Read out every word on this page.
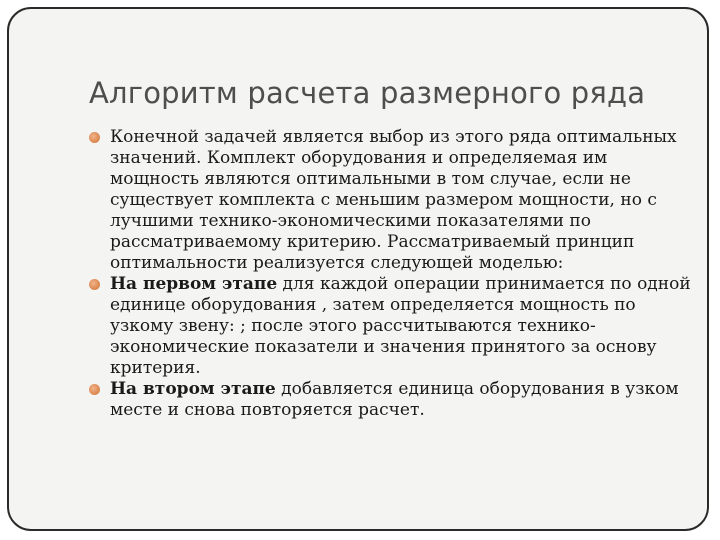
Алгоритм расчета размерного ряда
Конечной задачей является выбор из этого ряда оптимальных значений. Комплект оборудования и определяемая им мощность являются оптимальными в том случае, если не существует комплекта с меньшим размером мощности, но с лучшими технико-экономическими показателями по рассматриваемому критерию. Рассматриваемый принцип оптимальности реализуется следующей моделью:
На первом этапе для каждой операции принимается по одной единице оборудования , затем определяется мощность по узкому звену: ; после этого рассчитываются технико-экономические показатели и значения принятого за основу критерия.
На втором этапе добавляется единица оборудования в узком месте и снова повторяется расчет.
